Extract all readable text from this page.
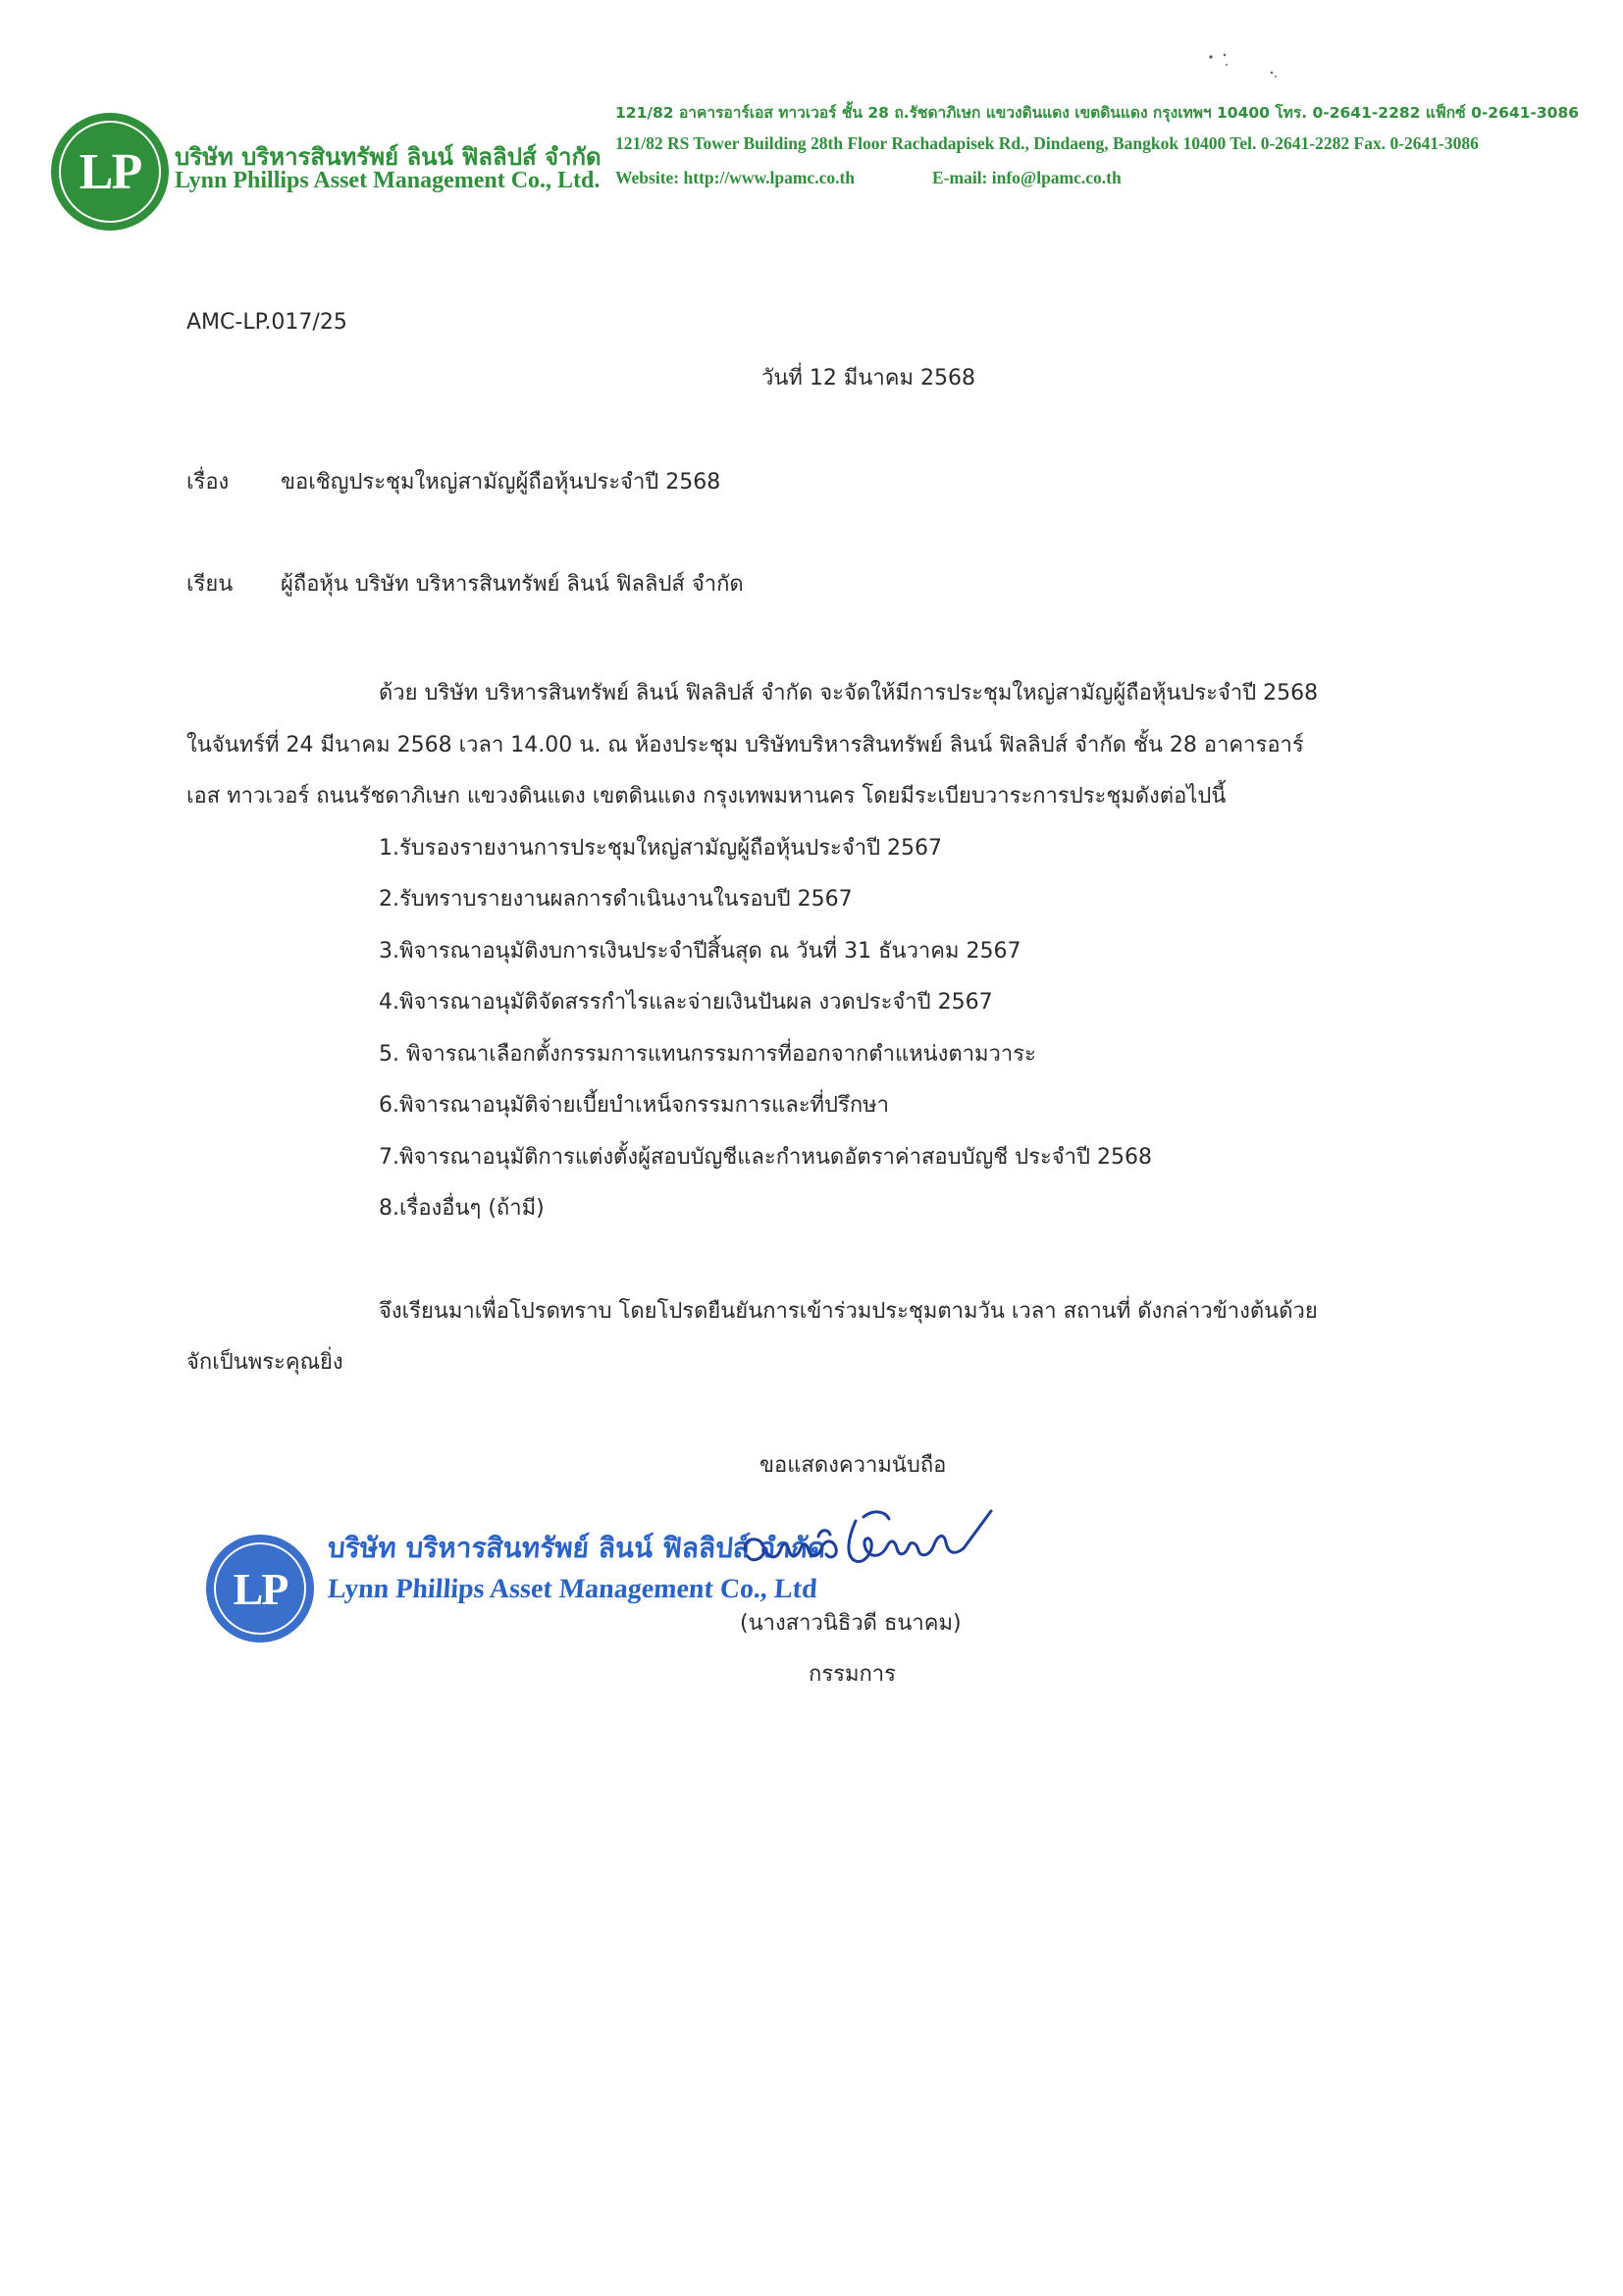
LP	บริษัท บริหารสินทรัพย์ ลินน์ ฟิลลิปส์ จำกัด
Lynn Phillips Asset Management Co., Ltd.
121/82 อาคารอาร์เอส ทาวเวอร์ ชั้น 28 ถ.รัชดาภิเษก แขวงดินแดง เขตดินแดง กรุงเทพฯ 10400 โทร. 0-2641-2282 แฟ็กซ์ 0-2641-3086
121/82 RS Tower Building 28th Floor Rachadapisek Rd., Dindaeng, Bangkok 10400 Tel. 0-2641-2282 Fax. 0-2641-3086
Website: http://www.lpamc.co.th	E-mail: info@lpamc.co.th
AMC-LP.017/25
วันที่ 12 มีนาคม 2568
เรื่อง ขอเชิญประชุมใหญ่สามัญผู้ถือหุ้นประจำปี 2568
เรียน ผู้ถือหุ้น บริษัท บริหารสินทรัพย์ ลินน์ ฟิลลิปส์ จำกัด
ด้วย บริษัท บริหารสินทรัพย์ ลินน์ ฟิลลิปส์ จำกัด จะจัดให้มีการประชุมใหญ่สามัญผู้ถือหุ้นประจำปี 2568
ในจันทร์ที่ 24 มีนาคม 2568 เวลา 14.00 น. ณ ห้องประชุม บริษัทบริหารสินทรัพย์ ลินน์ ฟิลลิปส์ จำกัด ชั้น 28 อาคารอาร์
เอส ทาวเวอร์ ถนนรัชดาภิเษก แขวงดินแดง เขตดินแดง กรุงเทพมหานคร โดยมีระเบียบวาระการประชุมดังต่อไปนี้
1.รับรองรายงานการประชุมใหญ่สามัญผู้ถือหุ้นประจำปี 2567
2.รับทราบรายงานผลการดำเนินงานในรอบปี 2567
3.พิจารณาอนุมัติงบการเงินประจำปีสิ้นสุด ณ วันที่ 31 ธันวาคม 2567
4.พิจารณาอนุมัติจัดสรรกำไรและจ่ายเงินปันผล งวดประจำปี 2567
5. พิจารณาเลือกตั้งกรรมการแทนกรรมการที่ออกจากตำแหน่งตามวาระ
6.พิจารณาอนุมัติจ่ายเบี้ยบำเหน็จกรรมการและที่ปรึกษา
7.พิจารณาอนุมัติการแต่งตั้งผู้สอบบัญชีและกำหนดอัตราค่าสอบบัญชี ประจำปี 2568
8.เรื่องอื่นๆ (ถ้ามี)
จึงเรียนมาเพื่อโปรดทราบ โดยโปรดยืนยันการเข้าร่วมประชุมตามวัน เวลา สถานที่ ดังกล่าวข้างต้นด้วย
จักเป็นพระคุณยิ่ง
ขอแสดงความนับถือ
LP
บริษัท บริหารสินทรัพย์ ลินน์ ฟิลลิปส์ จำกัด
Lynn Phillips Asset Management Co., Ltd
(นางสาวนิธิวดี ธนาคม)
กรรมการ
